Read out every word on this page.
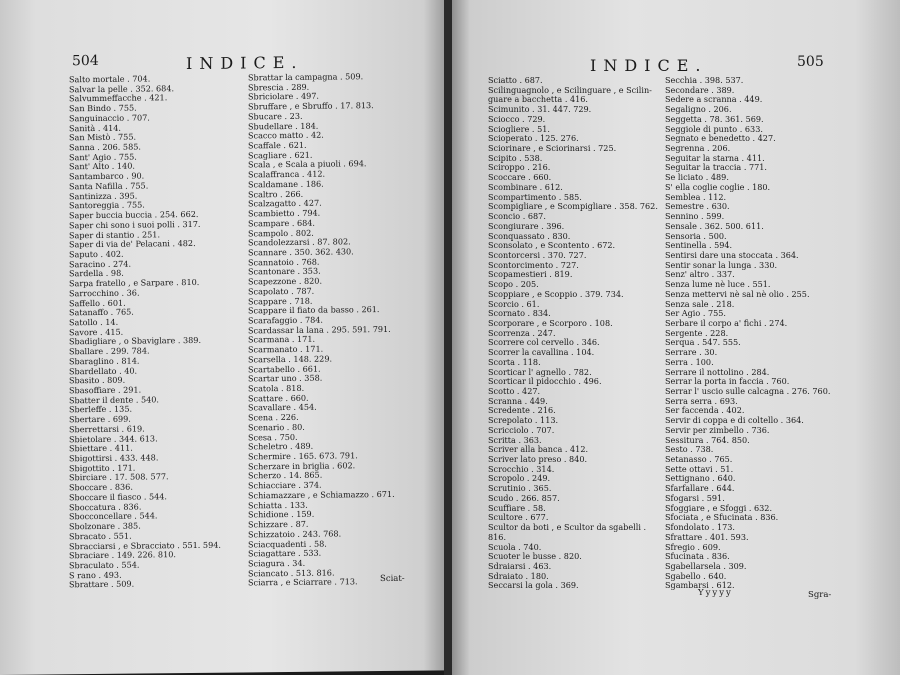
504	INDICE.
Salto mortale . 704.
Salvar la pelle . 352. 684.
Salvummeffacche . 421.
San Bindo . 755.
Sanguinaccio . 707.
Sanità . 414.
San Mistò . 755.
Sanna . 206. 585.
Sant' Agio . 755.
Sant' Alto . 140.
Santambarco . 90.
Santa Nafilla . 755.
Santinizza . 395.
Santoreggia . 755.
Saper buccia buccia . 254. 662.
Saper chi sono i suoi polli . 317.
Saper di stantio . 251.
Saper di via de' Pelacani . 482.
Saputo . 402.
Saracino . 274.
Sardella . 98.
Sarpa fratello , e Sarpare . 810.
Sarrocchino . 36.
Saffello . 601.
Satanaffo . 765.
Satollo . 14.
Savore . 415.
Sbadigliare , o Sbaviglare . 389.
Sballare . 299. 784.
Sbaraglino . 814.
Sbardellato . 40.
Sbasito . 809.
Sbasoffiare . 291.
Sbatter il dente . 540.
Sberleffe . 135.
Sbertare . 699.
Sberrettarsi . 619.
Sbietolare . 344. 613.
Sbiettare . 411.
Sbigottirsi . 433. 448.
Sbigottito . 171.
Sbirciare . 17. 508. 577.
Sboccare . 836.
Sboccare il fiasco . 544.
Sboccatura . 836.
Sbocconcellare . 544.
Sbolzonare . 385.
Sbracato . 551.
Sbracciarsi , e Sbracciato . 551. 594.
Sbraciare . 149. 226. 810.
Sbraculato . 554.
S rano . 493.
Sbrattare . 509.
Sbrattar la campagna . 509.
Sbrescia . 289.
Sbriciolare . 497.
Sbruffare , e Sbruffo . 17. 813.
Sbucare . 23.
Sbudellare . 184.
Scacco matto . 42.
Scaffale . 621.
Scagliare . 621.
Scala , e Scala a piuoli . 694.
Scalaffranca . 412.
Scaldamane . 186.
Scaltro . 266.
Scalzagatto . 427.
Scambietto . 794.
Scampare . 684.
Scampolo . 802.
Scandolezzarsi . 87. 802.
Scannare . 350. 362. 430.
Scannatoio . 768.
Scantonare . 353.
Scapezzone . 820.
Scapolato . 787.
Scappare . 718.
Scappare il fiato da basso . 261.
Scarafaggio . 784.
Scardassar la lana . 295. 591. 791.
Scarmana . 171.
Scarmanato . 171.
Scarsella . 148. 229.
Scartabello . 661.
Scartar uno . 358.
Scatola . 818.
Scattare . 660.
Scavallare . 454.
Scena . 226.
Scenario . 80.
Scesa . 750.
Scheletro . 489.
Schermire . 165. 673. 791.
Scherzare in briglia . 602.
Scherzo . 14. 865.
Schiacciare . 374.
Schiamazzare , e Schiamazzo . 671.
Schiatta . 133.
Schidione . 159.
Schizzare . 87.
Schizzatoio . 243. 768.
Sciacquadenti . 58.
Sciagattare . 533.
Sciagura . 34.
Sciancato . 513. 816.
Sciarra , e Sciarrare . 713.	Sciat-
INDICE.	505
Sciatto . 687.
Scilinguagnolo , e Scilinguare , e Scilin-
guare a bacchetta . 416.
Scimunito . 31. 447. 729.
Sciocco . 729.
Sciogliere . 51.
Scioperato . 125. 276.
Sciorinare , e Sciorinarsi . 725.
Scipito . 538.
Sciroppo . 216.
Scoccare . 660.
Scombinare . 612.
Scompartimento . 585.
Scompigliare , e Scompigliare . 358. 762.
Sconcio . 687.
Scongiurare . 396.
Sconquassato . 830.
Sconsolato , e Scontento . 672.
Scontorcersi . 370. 727.
Scontorcimento . 727.
Scopamestieri . 819.
Scopo . 205.
Scoppiare , e Scoppio . 379. 734.
Scorcio . 61.
Scornato . 834.
Scorporare , e Scorporo . 108.
Scorrenza . 247.
Scorrere col cervello . 346.
Scorrer la cavallina . 104.
Scorta . 118.
Scorticar l' agnello . 782.
Scorticar il pidocchio . 496.
Scotto . 427.
Scranna . 449.
Scredente . 216.
Screpolato . 113.
Scricciolo . 707.
Scritta . 363.
Scriver alla banca . 412.
Scriver lato preso . 840.
Scrocchio . 314.
Scropolo . 249.
Scrutinio . 365.
Scudo . 266. 857.
Scuffiare . 58.
Scultore . 677.
Scultor da boti , e Scultor da sgabelli .
816.
Scuola . 740.
Scuoter le busse . 820.
Sdraiarsi . 463.
Sdraiato . 180.
Seccarsi la gola . 369.
Secchia . 398. 537.
Secondare . 389.
Sedere a scranna . 449.
Segaligno . 206.
Seggetta . 78. 361. 569.
Seggiole di punto . 633.
Segnato e benedetto . 427.
Segrenna . 206.
Seguitar la starna . 411.
Seguitar la traccia . 771.
Se liciato . 489.
S' ella coglie coglie . 180.
Semblea . 112.
Semestre . 630.
Sennino . 599.
Sensale . 362. 500. 611.
Sensoria . 500.
Sentinella . 594.
Sentirsi dare una stoccata . 364.
Sentir sonar la lunga . 330.
Senz' altro . 337.
Senza lume nè luce . 551.
Senza mettervi nè sal nè olio . 255.
Senza sale . 218.
Ser Agio . 755.
Serbare il corpo a' fichi . 274.
Sergente . 228.
Serqua . 547. 555.
Serrare . 30.
Serra . 100.
Serrare il nottolino . 284.
Serrar la porta in faccia . 760.
Serrar l' uscio sulle calcagna . 276. 760.
Serra serra . 693.
Ser faccenda . 402.
Servir di coppa e di coltello . 364.
Servir per zimbello . 736.
Sessitura . 764. 850.
Sesto . 738.
Setanasso . 765.
Sette ottavi . 51.
Settignano . 640.
Sfarfallare . 644.
Sfogarsi . 591.
Sfoggiare , e Sfoggi . 632.
Sfociata , e Sfucinata . 836.
Sfondolato . 173.
Sfrattare . 401. 593.
Sfregio . 609.
Sfucinata . 836.
Sgabellarsela . 309.
Sgabello . 640.
Sgambarsi . 612.
Yyyyy	Sgra-
